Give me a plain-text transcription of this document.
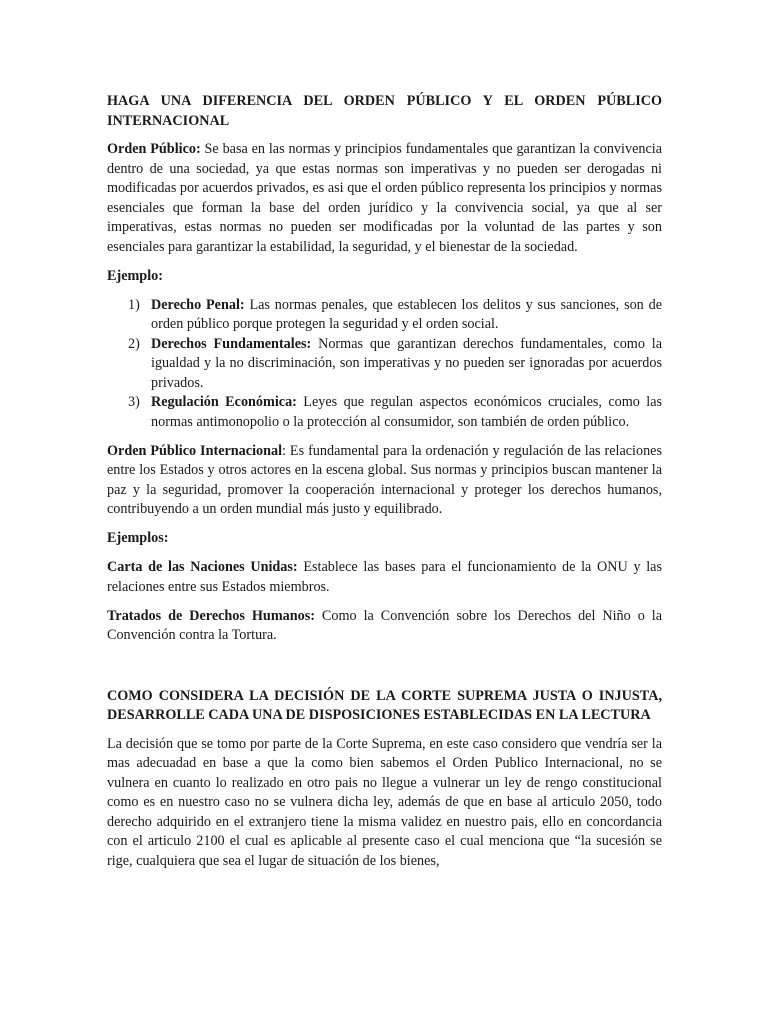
HAGA UNA DIFERENCIA DEL ORDEN PÚBLICO Y EL ORDEN PÚBLICO INTERNACIONAL

Orden Público: Se basa en las normas y principios fundamentales que garantizan la convivencia dentro de una sociedad, ya que estas normas son imperativas y no pueden ser derogadas ni modificadas por acuerdos privados, es asi que el orden público representa los principios y normas esenciales que forman la base del orden jurídico y la convivencia social, ya que al ser imperativas, estas normas no pueden ser modificadas por la voluntad de las partes y son esenciales para garantizar la estabilidad, la seguridad, y el bienestar de la sociedad.

Ejemplo:

1) Derecho Penal: Las normas penales, que establecen los delitos y sus sanciones, son de orden público porque protegen la seguridad y el orden social.
2) Derechos Fundamentales: Normas que garantizan derechos fundamentales, como la igualdad y la no discriminación, son imperativas y no pueden ser ignoradas por acuerdos privados.
3) Regulación Económica: Leyes que regulan aspectos económicos cruciales, como las normas antimonopolio o la protección al consumidor, son también de orden público.

Orden Público Internacional: Es fundamental para la ordenación y regulación de las relaciones entre los Estados y otros actores en la escena global. Sus normas y principios buscan mantener la paz y la seguridad, promover la cooperación internacional y proteger los derechos humanos, contribuyendo a un orden mundial más justo y equilibrado.

Ejemplos:

Carta de las Naciones Unidas: Establece las bases para el funcionamiento de la ONU y las relaciones entre sus Estados miembros.

Tratados de Derechos Humanos: Como la Convención sobre los Derechos del Niño o la Convención contra la Tortura.

COMO CONSIDERA LA DECISIÓN DE LA CORTE SUPREMA JUSTA O INJUSTA, DESARROLLE CADA UNA DE DISPOSICIONES ESTABLECIDAS EN LA LECTURA

La decisión que se tomo por parte de la Corte Suprema, en este caso considero que vendría ser la mas adecuadad en base a que la como bien sabemos el Orden Publico Internacional, no se vulnera en cuanto lo realizado en otro pais no llegue a vulnerar un ley de rengo constitucional como es en nuestro caso no se vulnera dicha ley, además de que en base al articulo 2050, todo derecho adquirido en el extranjero tiene la misma validez en nuestro pais, ello en concordancia con el articulo 2100 el cual es aplicable al presente caso el cual menciona que “la sucesión se rige, cualquiera que sea el lugar de situación de los bienes,
